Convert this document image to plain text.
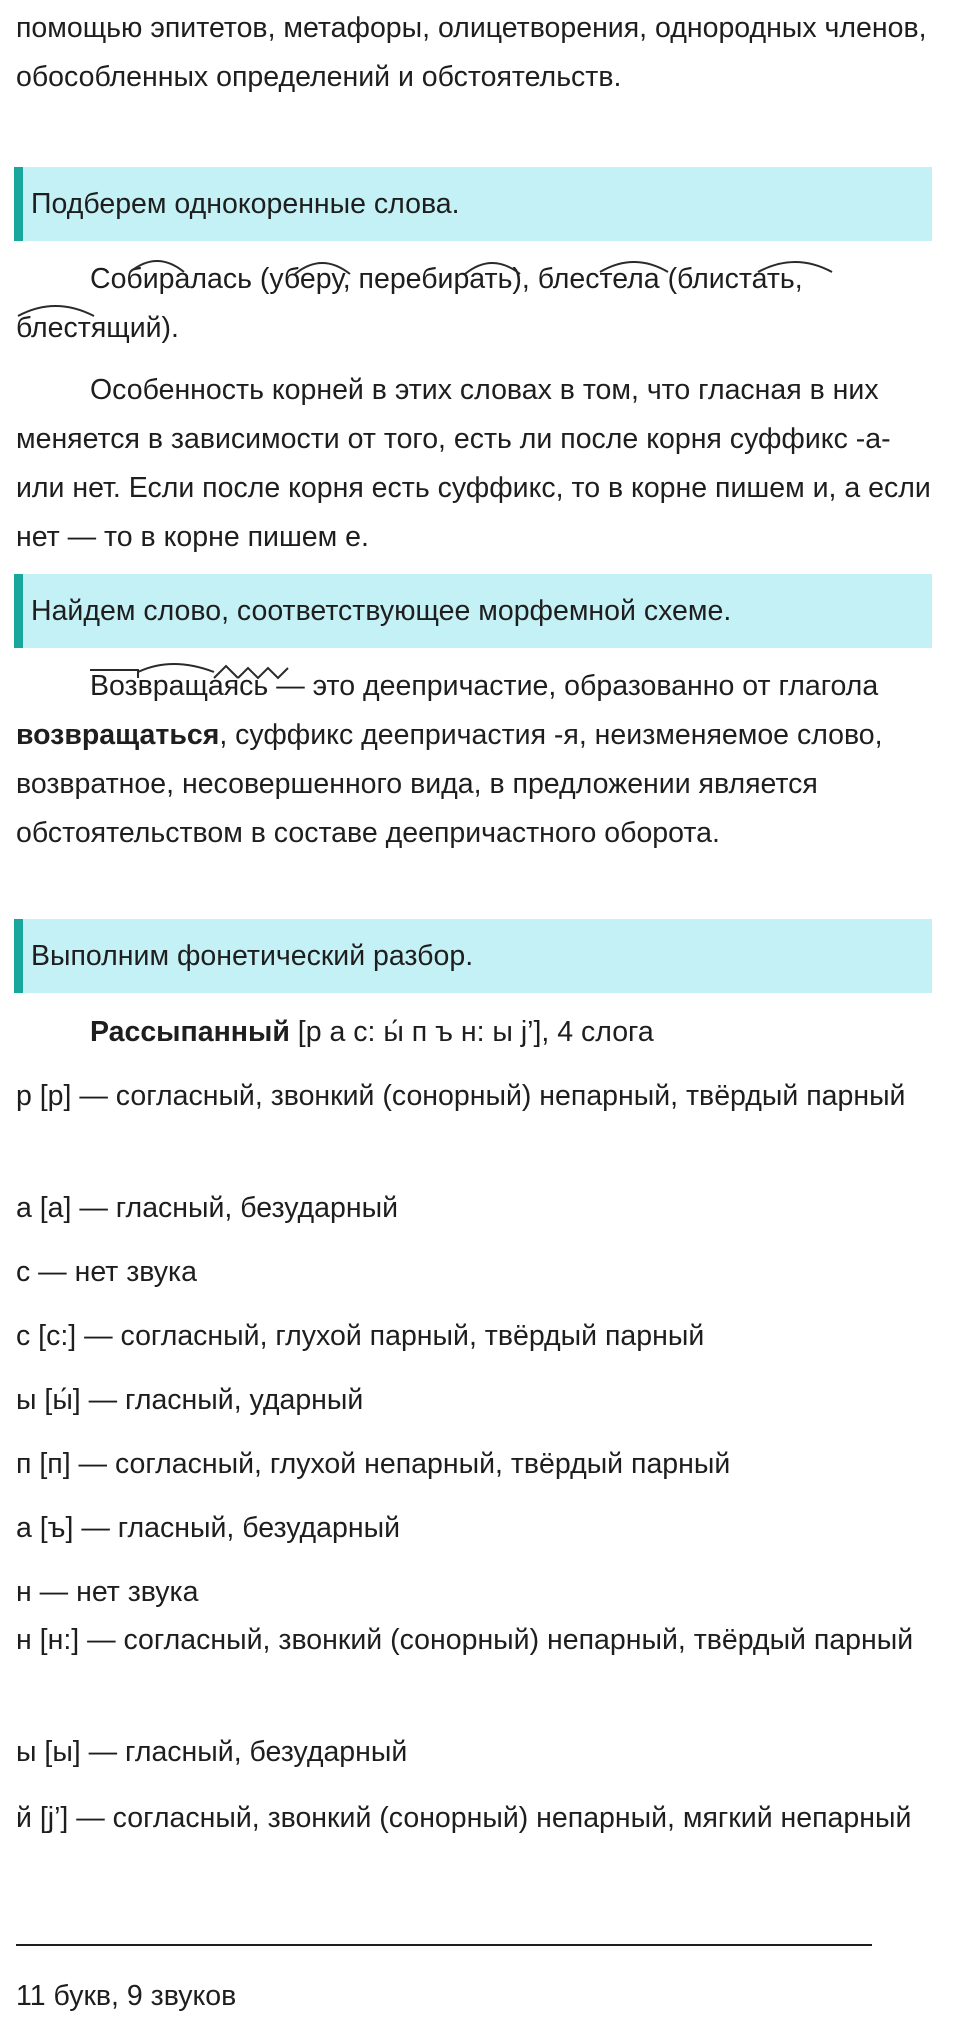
помощью эпитетов, метафоры, олицетворения, однородных членов, обособленных определений и обстоятельств.

Подберем однокоренные слова.

Собиралась (уберу, перебирать), блестела (блистать, блестящий).

Особенность корней в этих словах в том, что гласная в них меняется в зависимости от того, есть ли после корня суффикс -а- или нет. Если после корня есть суффикс, то в корне пишем и, а если нет — то в корне пишем е.

Найдем слово, соответствующее морфемной схеме.

Возвращаясь — это деепричастие, образованно от глагола возвращаться, суффикс деепричастия -я, неизменяемое слово, возвратное, несовершенного вида, в предложении является обстоятельством в составе деепричастного оборота.

Выполним фонетический разбор.

Рассыпанный [р а с: ы́ п ъ н: ы j’], 4 слога

р [р] — согласный, звонкий (сонорный) непарный, твёрдый парный

а [а] — гласный, безударный

с — нет звука

с [с:] — согласный, глухой парный, твёрдый парный

ы [ы́] — гласный, ударный

п [п] — согласный, глухой непарный, твёрдый парный

а [ъ] — гласный, безударный

н — нет звука

н [н:] — согласный, звонкий (сонорный) непарный, твёрдый парный

ы [ы] — гласный, безударный

й [j’] — согласный, звонкий (сонорный) непарный, мягкий непарный

11 букв, 9 звуков
